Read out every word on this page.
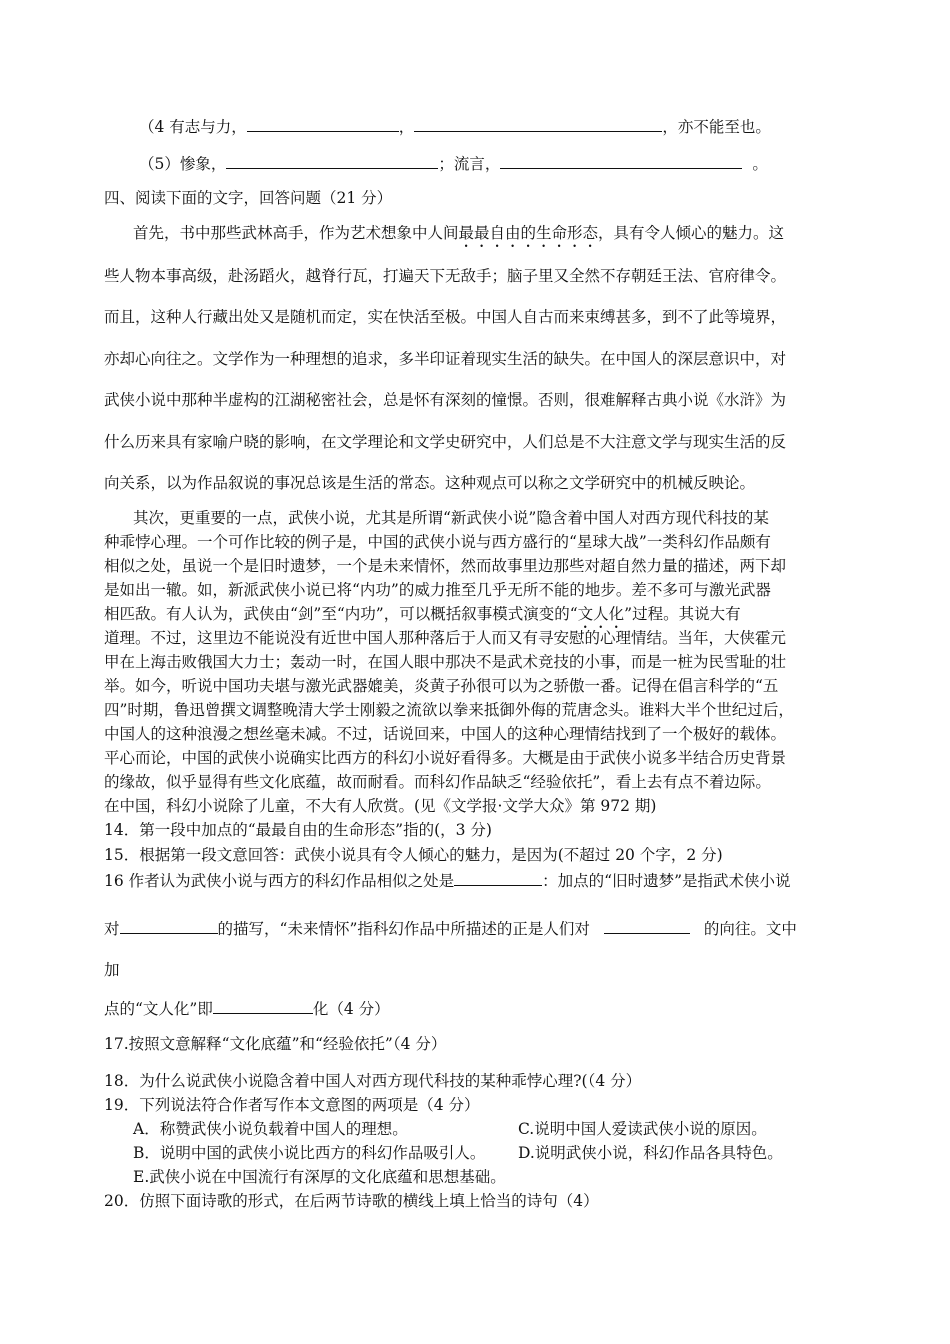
（4 有志与力，	，	，亦不能至也。
（5）惨象，	；流言，	。
四、阅读下面的文字，回答问题（21 分）
首先，书中那些武林高手，作为艺术想象中人间最最自由的生命形态，具有令人倾心的魅力。这
些人物本事高级，赴汤蹈火，越脊行瓦，打遍天下无敌手；脑子里又全然不存朝廷王法、官府律令。
而且，这种人行藏出处又是随机而定，实在快活至极。中国人自古而来束缚甚多，到不了此等境界，
亦却心向往之。文学作为一种理想的追求，多半印证着现实生活的缺失。在中国人的深层意识中，对
武侠小说中那种半虚构的江湖秘密社会，总是怀有深刻的憧憬。否则，很难解释古典小说《水浒》为
什么历来具有家喻户晓的影响，在文学理论和文学史研究中，人们总是不大注意文学与现实生活的反
向关系，以为作品叙说的事况总该是生活的常态。这种观点可以称之文学研究中的机械反映论。
其次，更重要的一点，武侠小说，尤其是所谓“新武侠小说”隐含着中国人对西方现代科技的某
种乖悖心理。一个可作比较的例子是，中国的武侠小说与西方盛行的“星球大战”一类科幻作品颇有
相似之处，虽说一个是旧时遗梦，一个是未来情怀，然而故事里边那些对超自然力量的描述，两下却
是如出一辙。如，新派武侠小说已将“内功”的威力推至几乎无所不能的地步。差不多可与激光武器
相匹敌。有人认为，武侠由“剑”至“内功”，可以概括叙事模式演变的“文人化”过程。其说大有
道理。不过，这里边不能说没有近世中国人那种落后于人而又有寻安慰的心理情结。当年，大侠霍元
甲在上海击败俄国大力士；轰动一时，在国人眼中那决不是武术竞技的小事，而是一桩为民雪耻的壮
举。如今，听说中国功夫堪与激光武器媲美，炎黄子孙很可以为之骄傲一番。记得在倡言科学的“五
四”时期，鲁迅曾撰文调整晚清大学士刚毅之流欲以拳来抵御外侮的荒唐念头。谁料大半个世纪过后，
中国人的这种浪漫之想丝毫未减。不过，话说回来，中国人的这种心理情结找到了一个极好的载体。
平心而论，中国的武侠小说确实比西方的科幻小说好看得多。大概是由于武侠小说多半结合历史背景
的缘故，似乎显得有些文化底蕴，故而耐看。而科幻作品缺乏“经验依托”，看上去有点不着边际。
在中国，科幻小说除了儿童，不大有人欣赏。(见《文学报·文学大众》第 972 期)
14．第一段中加点的“最最自由的生命形态”指的(，3 分)
15．根据第一段文意回答：武侠小说具有令人倾心的魅力，是因为(不超过 20 个字，2 分)
16 作者认为武侠小说与西方的科幻作品相似之处是	：加点的“旧时遗梦”是指武术侠小说
对	的描写，“未来情怀”指科幻作品中所描述的正是人们对	的向往。文中
加
点的“文人化”即	化（4 分）
17.按照文意解释“文化底蕴”和“经验依托”（4 分）
18．为什么说武侠小说隐含着中国人对西方现代科技的某种乖悖心理?(（4 分）
19．下列说法符合作者写作本文意图的两项是（4 分）
A．称赞武侠小说负载着中国人的理想。	C.说明中国人爱读武侠小说的原因。
B．说明中国的武侠小说比西方的科幻作品吸引人。 D.说明武侠小说，科幻作品各具特色。
E.武侠小说在中国流行有深厚的文化底蕴和思想基础。
20．仿照下面诗歌的形式，在后两节诗歌的横线上填上恰当的诗句（4）
